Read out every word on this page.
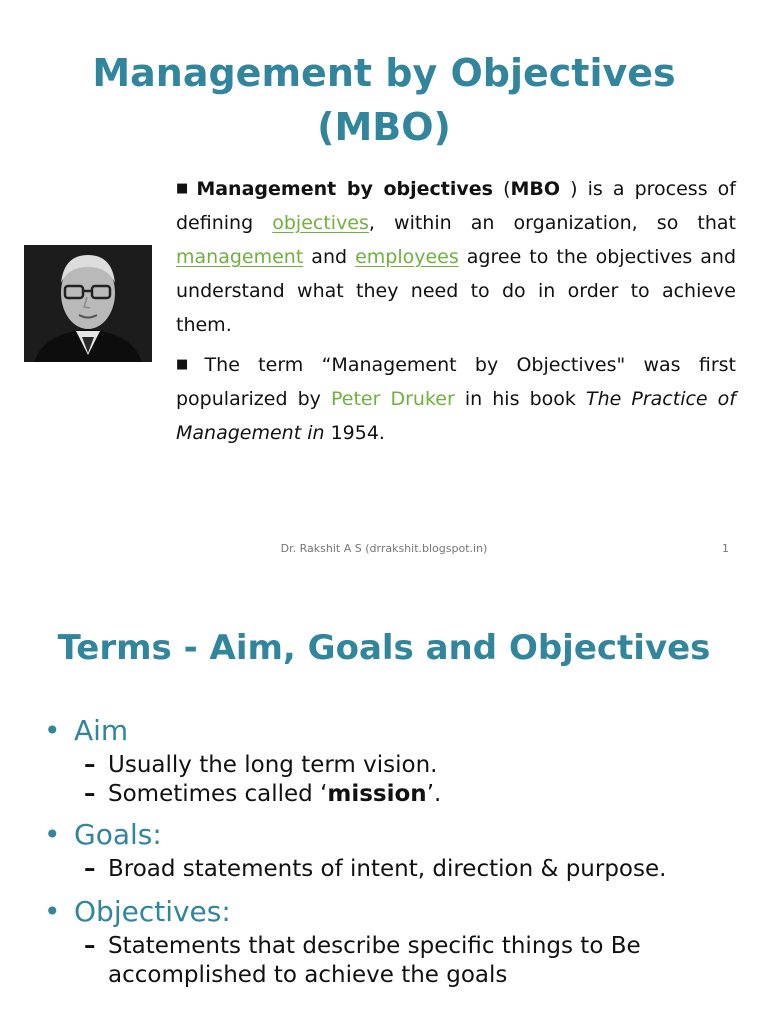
Management by Objectives
(MBO)

■ Management by objectives (MBO ) is a process of defining objectives, within an organization, so that management and employees agree to the objectives and understand what they need to do in order to achieve them.

■ The term “Management by Objectives" was first popularized by Peter Druker in his book The Practice of Management in 1954.

Dr. Rakshit A S (drrakshit.blogspot.in)	1
Terms - Aim, Goals and Objectives
• Aim
– Usually the long term vision.
– Sometimes called ‘mission’.
• Goals:
– Broad statements of intent, direction & purpose.
• Objectives:
– Statements that describe specific things to Be accomplished to achieve the goals
